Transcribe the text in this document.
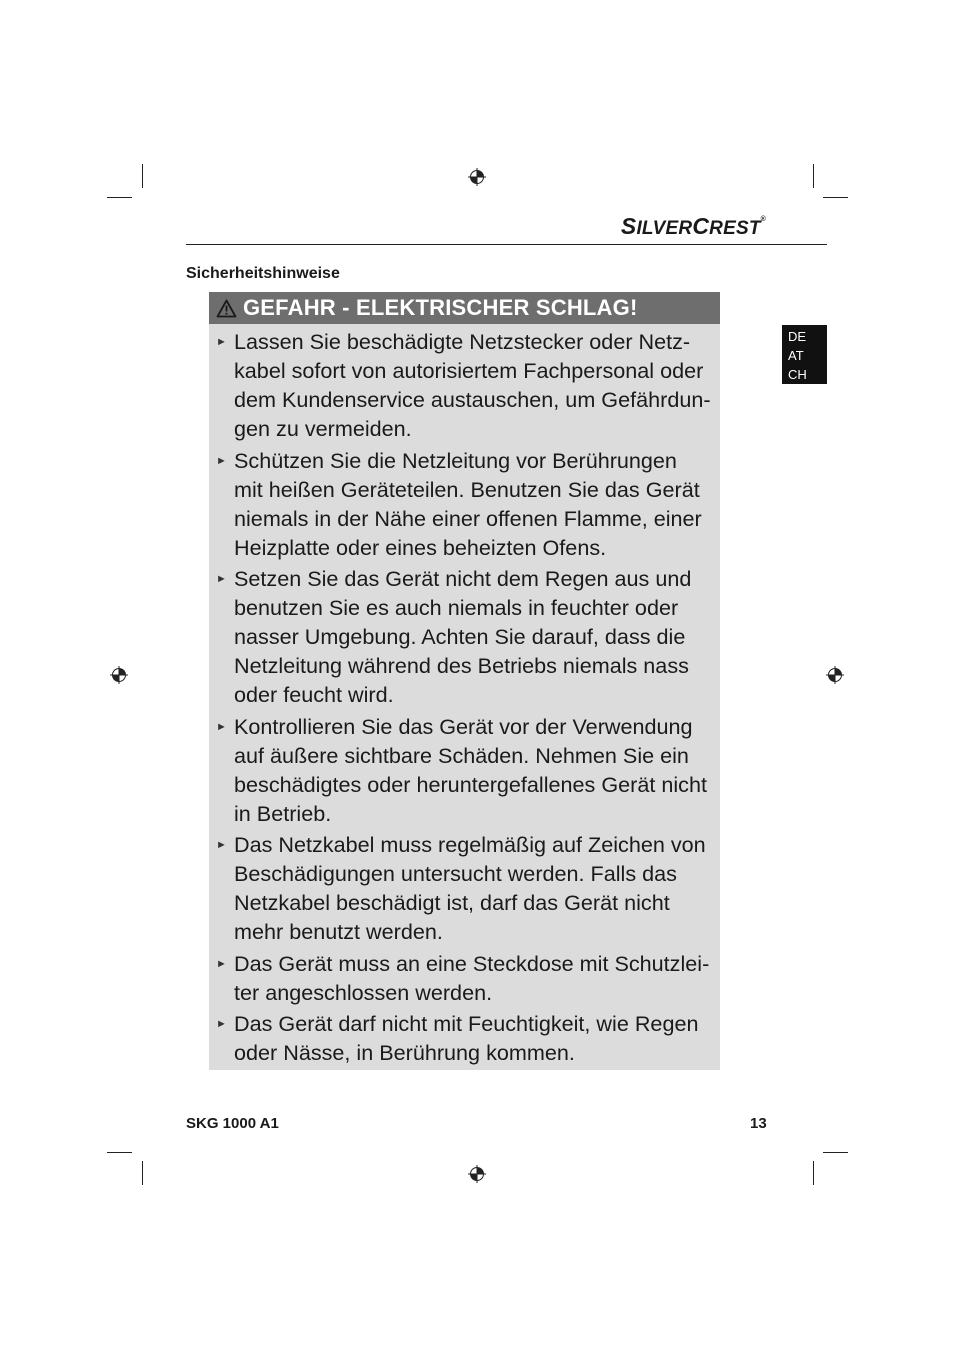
SILVERCREST®
Sicherheitshinweise
DE
AT
CH
GEFAHR - ELEKTRISCHER SCHLAG!
► Lassen Sie beschädigte Netzstecker oder Netz-
kabel sofort von autorisiertem Fachpersonal oder
dem Kundenservice austauschen, um Gefährdun-
gen zu vermeiden.
► Schützen Sie die Netzleitung vor Berührungen
mit heißen Geräteteilen. Benutzen Sie das Gerät
niemals in der Nähe einer offenen Flamme, einer
Heizplatte oder eines beheizten Ofens.
► Setzen Sie das Gerät nicht dem Regen aus und
benutzen Sie es auch niemals in feuchter oder
nasser Umgebung. Achten Sie darauf, dass die
Netzleitung während des Betriebs niemals nass
oder feucht wird.
► Kontrollieren Sie das Gerät vor der Verwendung
auf äußere sichtbare Schäden. Nehmen Sie ein
beschädigtes oder heruntergefallenes Gerät nicht
in Betrieb.
► Das Netzkabel muss regelmäßig auf Zeichen von
Beschädigungen untersucht werden. Falls das
Netzkabel beschädigt ist, darf das Gerät nicht
mehr benutzt werden.
► Das Gerät muss an eine Steckdose mit Schutzlei-
ter angeschlossen werden.
► Das Gerät darf nicht mit Feuchtigkeit, wie Regen
oder Nässe, in Berührung kommen.
SKG 1000 A1	13
